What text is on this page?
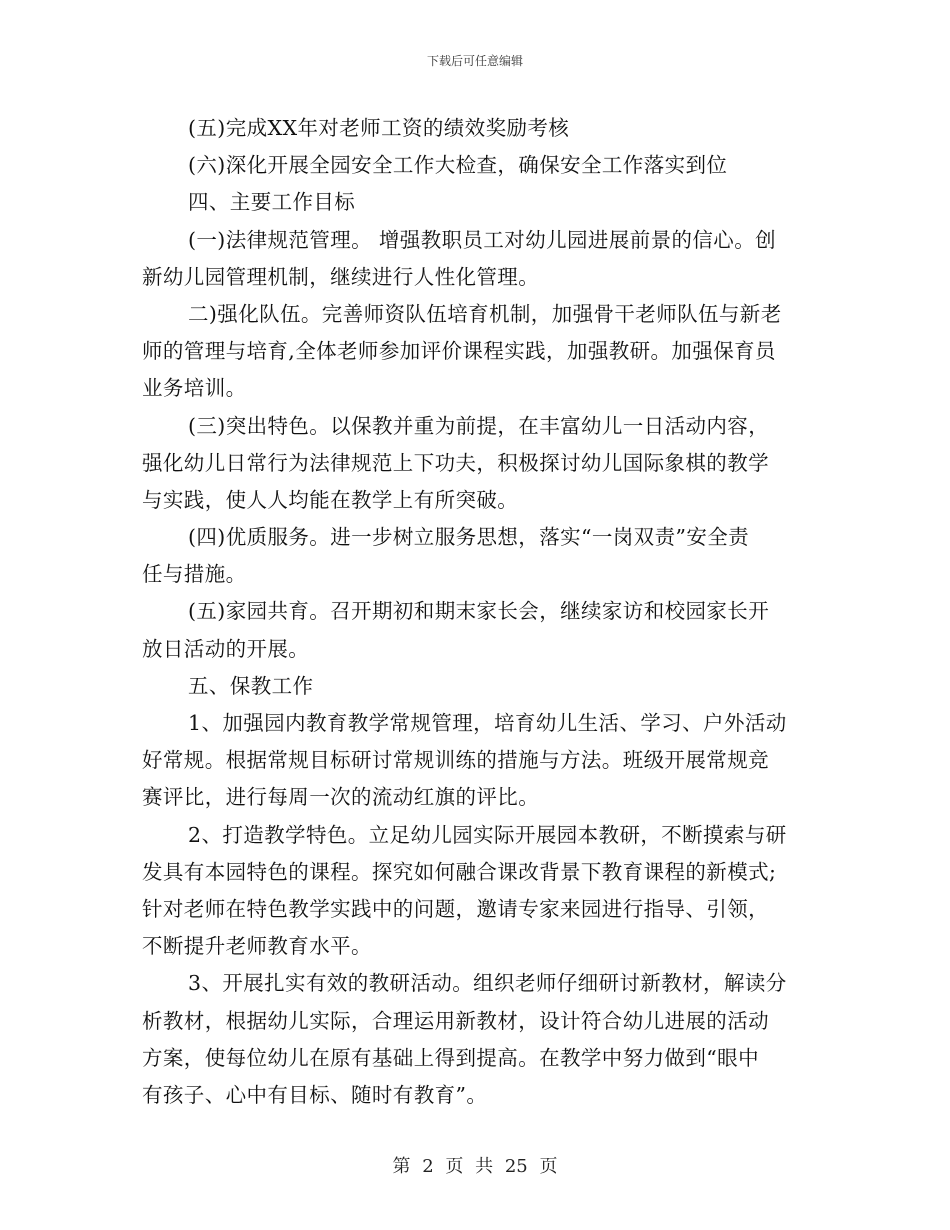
下载后可任意编辑
(五)完成XX年对老师工资的绩效奖励考核
(六)深化开展全园安全工作大检查，确保安全工作落实到位
四、主要工作目标
(一)法律规范管理。 增强教职员工对幼儿园进展前景的信心。创
新幼儿园管理机制，继续进行人性化管理。
二)强化队伍。完善师资队伍培育机制，加强骨干老师队伍与新老
师的管理与培育,全体老师参加评价课程实践，加强教研。加强保育员
业务培训。
(三)突出特色。以保教并重为前提，在丰富幼儿一日活动内容，
强化幼儿日常行为法律规范上下功夫，积极探讨幼儿国际象棋的教学
与实践，使人人均能在教学上有所突破。
(四)优质服务。进一步树立服务思想，落实“一岗双责”安全责
任与措施。
(五)家园共育。召开期初和期末家长会，继续家访和校园家长开
放日活动的开展。
五、保教工作
1、加强园内教育教学常规管理，培育幼儿生活、学习、户外活动
好常规。根据常规目标研讨常规训练的措施与方法。班级开展常规竞
赛评比，进行每周一次的流动红旗的评比。
2、打造教学特色。立足幼儿园实际开展园本教研，不断摸索与研
发具有本园特色的课程。探究如何融合课改背景下教育课程的新模式;
针对老师在特色教学实践中的问题，邀请专家来园进行指导、引领，
不断提升老师教育水平。
3、开展扎实有效的教研活动。组织老师仔细研讨新教材，解读分
析教材，根据幼儿实际，合理运用新教材，设计符合幼儿进展的活动
方案，使每位幼儿在原有基础上得到提高。在教学中努力做到“眼中
有孩子、心中有目标、随时有教育”。
第 2 页 共 25 页
